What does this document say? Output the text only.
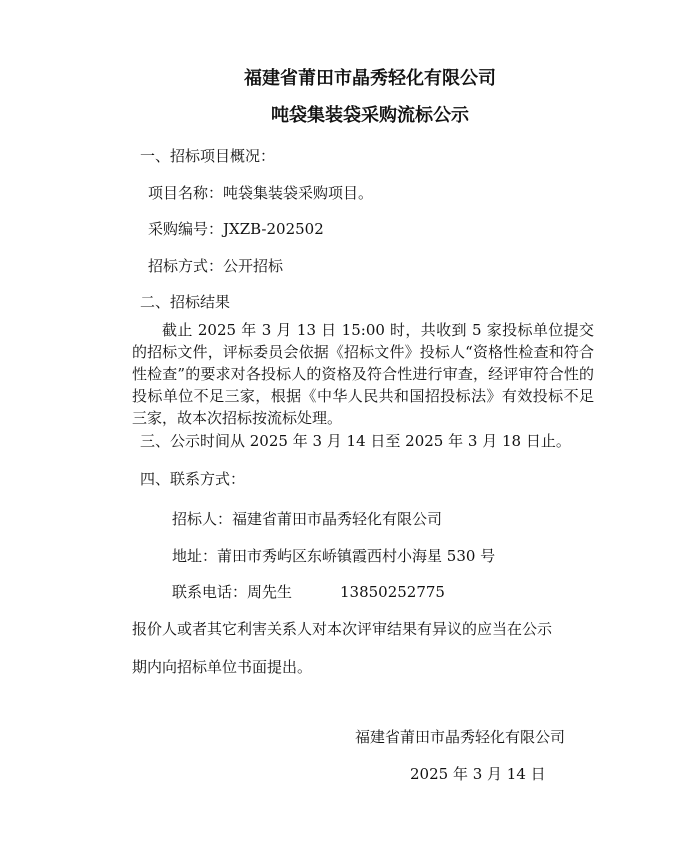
福建省莆田市晶秀轻化有限公司
吨袋集装袋采购流标公示
一、招标项目概况：
项目名称：吨袋集装袋采购项目。
采购编号：JXZB-202502
招标方式：公开招标
二、招标结果
截止 2025 年 3 月 13 日 15:00 时，共收到 5 家投标单位提交的招标文件，评标委员会依据《招标文件》投标人“资格性检查和符合性检查”的要求对各投标人的资格及符合性进行审查，经评审符合性的投标单位不足三家，根据《中华人民共和国招投标法》有效投标不足三家，故本次招标按流标处理。
三、公示时间从 2025 年 3 月 14 日至 2025 年 3 月 18 日止。
四、联系方式：
招标人：福建省莆田市晶秀轻化有限公司
地址：莆田市秀屿区东峤镇霞西村小海星 530 号
联系电话：周先生	13850252775
报价人或者其它利害关系人对本次评审结果有异议的应当在公示
期内向招标单位书面提出。
福建省莆田市晶秀轻化有限公司
2025 年 3 月 14 日
